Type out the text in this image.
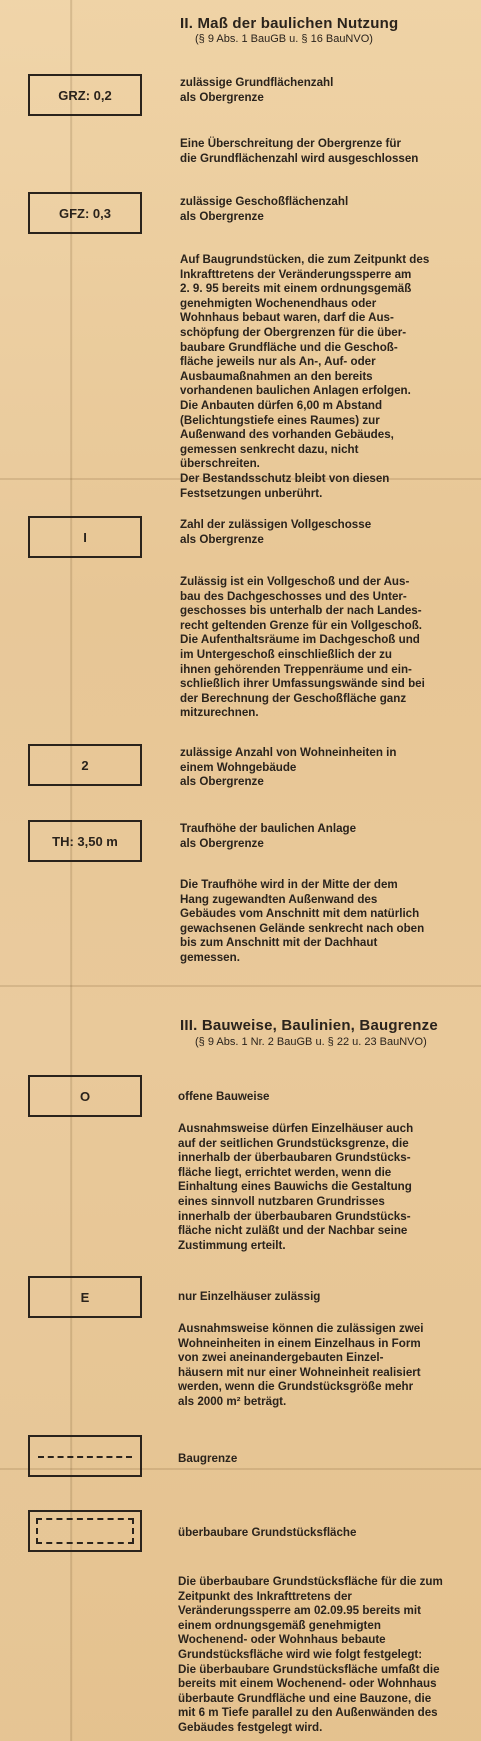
II. Maß der baulichen Nutzung
(§ 9 Abs. 1 BauGB u. § 16 BauNVO)
GRZ: 0,2
zulässige Grundflächenzahl
als Obergrenze
Eine Überschreitung der Obergrenze für
die Grundflächenzahl wird ausgeschlossen
GFZ: 0,3
zulässige Geschoßflächenzahl
als Obergrenze
Auf Baugrundstücken, die zum Zeitpunkt des
Inkrafttretens der Veränderungssperre am
2. 9. 95 bereits mit einem ordnungsgemäß
genehmigten Wochenendhaus oder
Wohnhaus bebaut waren, darf die Aus-
schöpfung der Obergrenzen für die über-
baubare Grundfläche und die Geschoß-
fläche jeweils nur als An-, Auf- oder
Ausbaumaßnahmen an den bereits
vorhandenen baulichen Anlagen erfolgen.
Die Anbauten dürfen 6,00 m Abstand
(Belichtungstiefe eines Raumes) zur
Außenwand des vorhanden Gebäudes,
gemessen senkrecht dazu, nicht
überschreiten.
Der Bestandsschutz bleibt von diesen
Festsetzungen unberührt.
I
Zahl der zulässigen Vollgeschosse
als Obergrenze
Zulässig ist ein Vollgeschoß und der Aus-
bau des Dachgeschosses und des Unter-
geschosses bis unterhalb der nach Landes-
recht geltenden Grenze für ein Vollgeschoß.
Die Aufenthaltsräume im Dachgeschoß und
im Untergeschoß einschließlich der zu
ihnen gehörenden Treppenräume und ein-
schließlich ihrer Umfassungswände sind bei
der Berechnung der Geschoßfläche ganz
mitzurechnen.
2
zulässige Anzahl von Wohneinheiten in
einem Wohngebäude
als Obergrenze
TH: 3,50 m
Traufhöhe der baulichen Anlage
als Obergrenze
Die Traufhöhe wird in der Mitte der dem
Hang zugewandten Außenwand des
Gebäudes vom Anschnitt mit dem natürlich
gewachsenen Gelände senkrecht nach oben
bis zum Anschnitt mit der Dachhaut
gemessen.
III. Bauweise, Baulinien, Baugrenze
(§ 9 Abs. 1 Nr. 2 BauGB u. § 22 u. 23 BauNVO)
O	offene Bauweise
Ausnahmsweise dürfen Einzelhäuser auch
auf der seitlichen Grundstücksgrenze, die
innerhalb der überbaubaren Grundstücks-
fläche liegt, errichtet werden, wenn die
Einhaltung eines Bauwichs die Gestaltung
eines sinnvoll nutzbaren Grundrisses
innerhalb der überbaubaren Grundstücks-
fläche nicht zuläßt und der Nachbar seine
Zustimmung erteilt.
E	nur Einzelhäuser zulässig
Ausnahmsweise können die zulässigen zwei
Wohneinheiten in einem Einzelhaus in Form
von zwei aneinandergebauten Einzel-
häusern mit nur einer Wohneinheit realisiert
werden, wenn die Grundstücksgröße mehr
als 2000 m² beträgt.
Baugrenze
überbaubare Grundstücksfläche
Die überbaubare Grundstücksfläche für die zum
Zeitpunkt des Inkrafttretens der
Veränderungssperre am 02.09.95 bereits mit
einem ordnungsgemäß genehmigten
Wochenend- oder Wohnhaus bebaute
Grundstücksfläche wird wie folgt festgelegt:
Die überbaubare Grundstücksfläche umfaßt die
bereits mit einem Wochenend- oder Wohnhaus
überbaute Grundfläche und eine Bauzone, die
mit 6 m Tiefe parallel zu den Außenwänden des
Gebäudes festgelegt wird.
